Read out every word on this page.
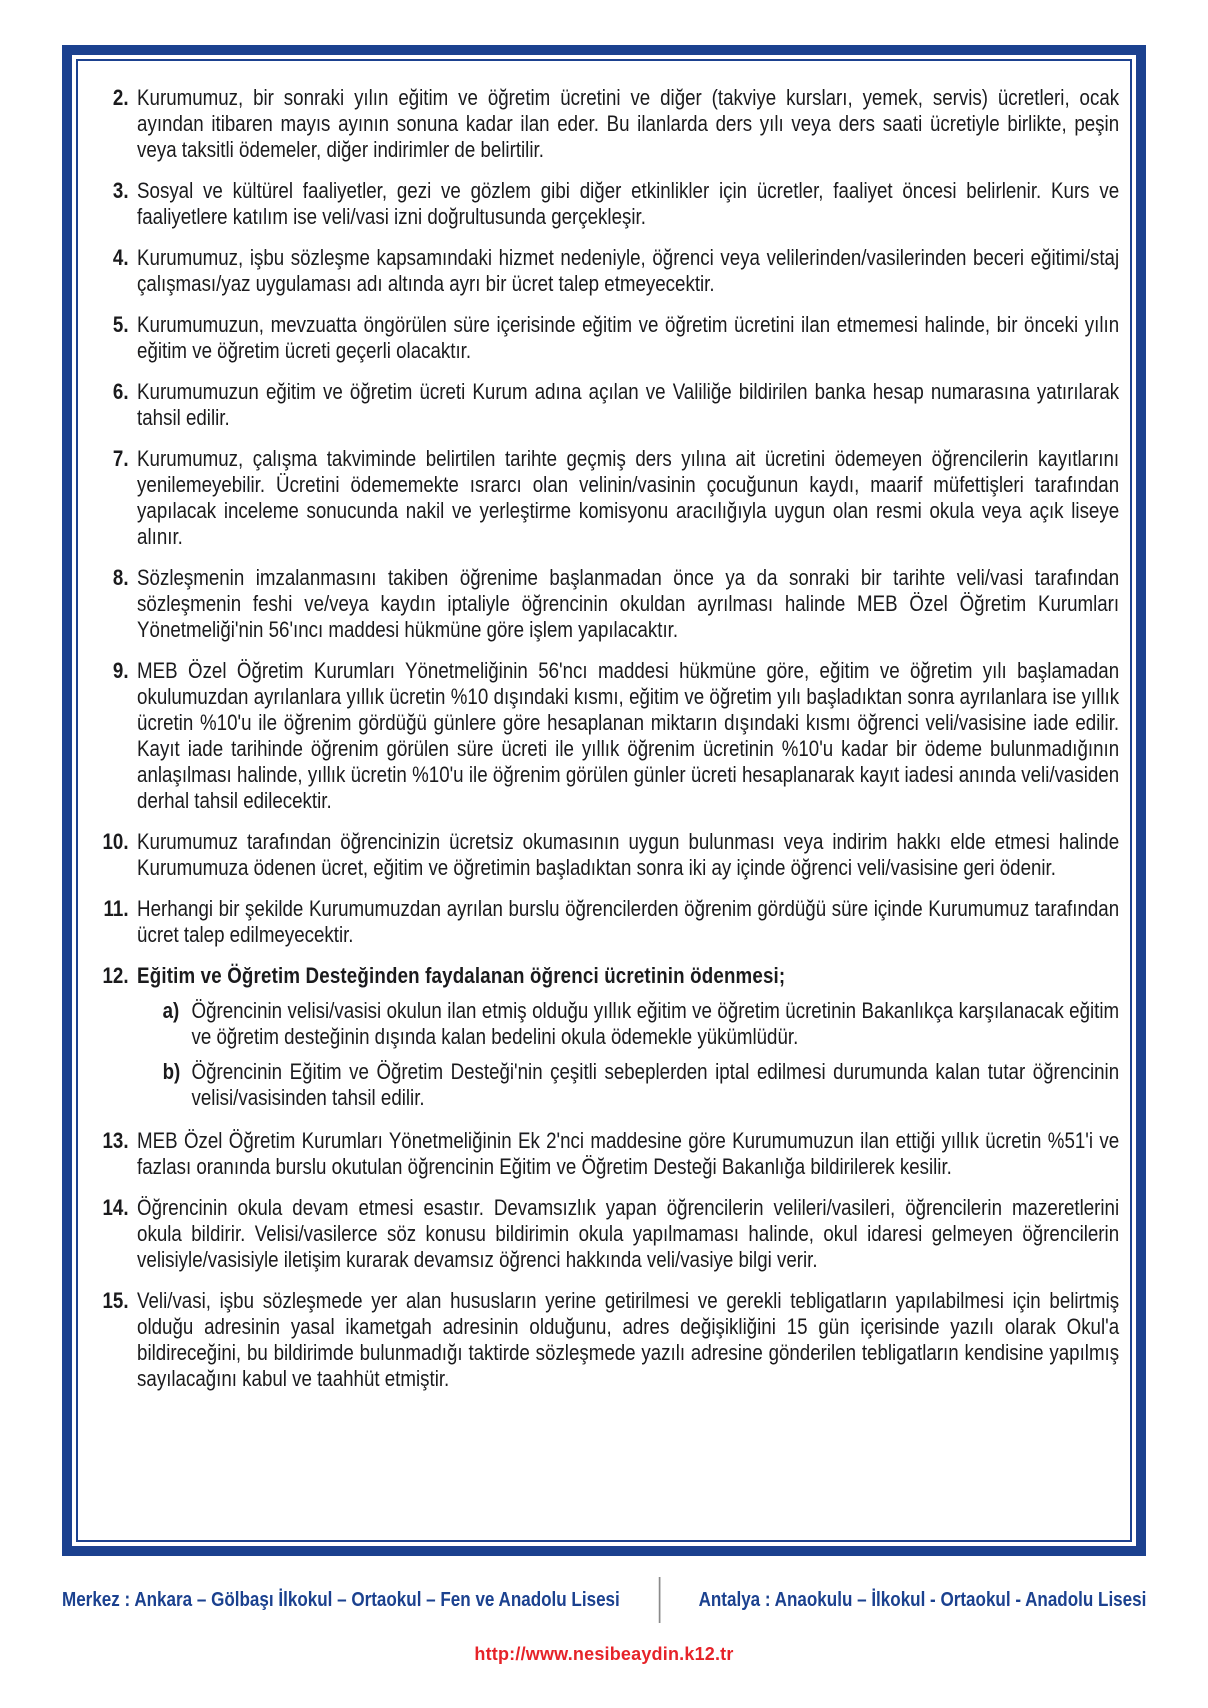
2. Kurumumuz, bir sonraki yılın eğitim ve öğretim ücretini ve diğer (takviye kursları, yemek, servis) ücretleri, ocak ayından itibaren mayıs ayının sonuna kadar ilan eder. Bu ilanlarda ders yılı veya ders saati ücretiyle birlikte, peşin veya taksitli ödemeler, diğer indirimler de belirtilir.
3. Sosyal ve kültürel faaliyetler, gezi ve gözlem gibi diğer etkinlikler için ücretler, faaliyet öncesi belirlenir. Kurs ve faaliyetlere katılım ise veli/vasi izni doğrultusunda gerçekleşir.
4. Kurumumuz, işbu sözleşme kapsamındaki hizmet nedeniyle, öğrenci veya velilerinden/vasilerinden beceri eğitimi/staj çalışması/yaz uygulaması adı altında ayrı bir ücret talep etmeyecektir.
5. Kurumumuzun, mevzuatta öngörülen süre içerisinde eğitim ve öğretim ücretini ilan etmemesi halinde, bir önceki yılın eğitim ve öğretim ücreti geçerli olacaktır.
6. Kurumumuzun eğitim ve öğretim ücreti Kurum adına açılan ve Valiliğe bildirilen banka hesap numarasına yatırılarak tahsil edilir.
7. Kurumumuz, çalışma takviminde belirtilen tarihte geçmiş ders yılına ait ücretini ödemeyen öğrencilerin kayıtlarını yenilemeyebilir. Ücretini ödememekte ısrarcı olan velinin/vasinin çocuğunun kaydı, maarif müfettişleri tarafından yapılacak inceleme sonucunda nakil ve yerleştirme komisyonu aracılığıyla uygun olan resmi okula veya açık liseye alınır.
8. Sözleşmenin imzalanmasını takiben öğrenime başlanmadan önce ya da sonraki bir tarihte veli/vasi tarafından sözleşmenin feshi ve/veya kaydın iptaliyle öğrencinin okuldan ayrılması halinde MEB Özel Öğretim Kurumları Yönetmeliği'nin 56'ıncı maddesi hükmüne göre işlem yapılacaktır.
9. MEB Özel Öğretim Kurumları Yönetmeliğinin 56'ncı maddesi hükmüne göre, eğitim ve öğretim yılı başlamadan okulumuzdan ayrılanlara yıllık ücretin %10 dışındaki kısmı, eğitim ve öğretim yılı başladıktan sonra ayrılanlara ise yıllık ücretin %10'u ile öğrenim gördüğü günlere göre hesaplanan miktarın dışındaki kısmı öğrenci veli/vasisine iade edilir. Kayıt iade tarihinde öğrenim görülen süre ücreti ile yıllık öğrenim ücretinin %10'u kadar bir ödeme bulunmadığının anlaşılması halinde, yıllık ücretin %10'u ile öğrenim görülen günler ücreti hesaplanarak kayıt iadesi anında veli/vasiden derhal tahsil edilecektir.
10. Kurumumuz tarafından öğrencinizin ücretsiz okumasının uygun bulunması veya indirim hakkı elde etmesi halinde Kurumumuza ödenen ücret, eğitim ve öğretimin başladıktan sonra iki ay içinde öğrenci veli/vasisine geri ödenir.
11. Herhangi bir şekilde Kurumumuzdan ayrılan burslu öğrencilerden öğrenim gördüğü süre içinde Kurumumuz tarafından ücret talep edilmeyecektir.
12. Eğitim ve Öğretim Desteğinden faydalanan öğrenci ücretinin ödenmesi;
a) Öğrencinin velisi/vasisi okulun ilan etmiş olduğu yıllık eğitim ve öğretim ücretinin Bakanlıkça karşılanacak eğitim ve öğretim desteğinin dışında kalan bedelini okula ödemekle yükümlüdür.
b) Öğrencinin Eğitim ve Öğretim Desteği'nin çeşitli sebeplerden iptal edilmesi durumunda kalan tutar öğrencinin velisi/vasisinden tahsil edilir.
13. MEB Özel Öğretim Kurumları Yönetmeliğinin Ek 2'nci maddesine göre Kurumumuzun ilan ettiği yıllık ücretin %51'i ve fazlası oranında burslu okutulan öğrencinin Eğitim ve Öğretim Desteği Bakanlığa bildirilerek kesilir.
14. Öğrencinin okula devam etmesi esastır. Devamsızlık yapan öğrencilerin velileri/vasileri, öğrencilerin mazeretlerini okula bildirir. Velisi/vasilerce söz konusu bildirimin okula yapılmaması halinde, okul idaresi gelmeyen öğrencilerin velisiyle/vasisiyle iletişim kurarak devamsız öğrenci hakkında veli/vasiye bilgi verir.
15. Veli/vasi, işbu sözleşmede yer alan hususların yerine getirilmesi ve gerekli tebligatların yapılabilmesi için belirtmiş olduğu adresinin yasal ikametgah adresinin olduğunu, adres değişikliğini 15 gün içerisinde yazılı olarak Okul'a bildireceğini, bu bildirimde bulunmadığı taktirde sözleşmede yazılı adresine gönderilen tebligatların kendisine yapılmış sayılacağını kabul ve taahhüt etmiştir.
Merkez : Ankara – Gölbaşı İlkokul – Ortaokul – Fen ve Anadolu Lisesi	Antalya : Anaokulu – İlkokul - Ortaokul - Anadolu Lisesi
http://www.nesibeaydin.k12.tr
